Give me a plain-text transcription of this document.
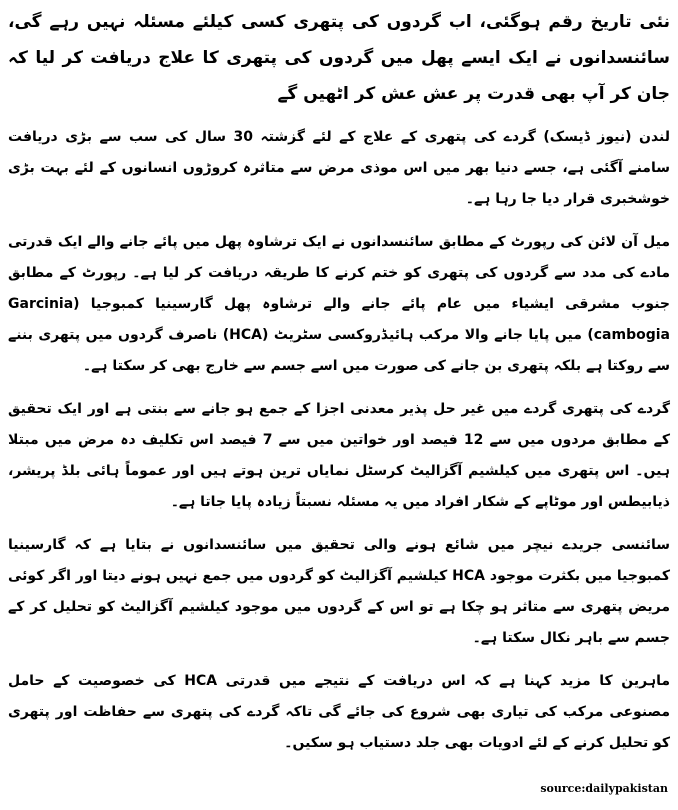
نئی تاریخ رقم ہوگئی، اب گردوں کی پتھری کسی کیلئے مسئلہ نہیں رہے گی، سائنسدانوں نے ایک ایسے پھل میں گردوں کی پتھری کا علاج دریافت کر لیا کہ جان کر آپ بھی قدرت پر عش عش کر اٹھیں گے

لندن (نیوز ڈیسک) گردے کی پتھری کے علاج کے لئے گزشتہ 30 سال کی سب سے بڑی دریافت سامنے آگئی ہے، جسے دنیا بھر میں اس موذی مرض سے متاثرہ کروڑوں انسانوں کے لئے بہت بڑی خوشخبری قرار دیا جا رہا ہے۔

میل آن لائن کی رپورٹ کے مطابق سائنسدانوں نے ایک ترشاوہ پھل میں پائے جانے والے ایک قدرتی مادے کی مدد سے گردوں کی پتھری کو ختم کرنے کا طریقہ دریافت کر لیا ہے۔ رپورٹ کے مطابق جنوب مشرقی ایشیاء میں عام پائے جانے والے ترشاوہ پھل گارسینیا کمبوجیا (Garcinia cambogia) میں پایا جانے والا مرکب ہائیڈروکسی سٹریٹ (HCA) ناصرف گردوں میں پتھری بننے سے روکتا ہے بلکہ پتھری بن جانے کی صورت میں اسے جسم سے خارج بھی کر سکتا ہے۔

گردے کی پتھری گردے میں غیر حل پذیر معدنی اجزا کے جمع ہو جانے سے بنتی ہے اور ایک تحقیق کے مطابق مردوں میں سے 12 فیصد اور خواتین میں سے 7 فیصد اس تکلیف دہ مرض میں مبتلا ہیں۔ اس پتھری میں کیلشیم آگزالیٹ کرسٹل نمایاں ترین ہوتے ہیں اور عموماً ہائی بلڈ پریشر، ذیابیطس اور موٹاپے کے شکار افراد میں یہ مسئلہ نسبتاً زیادہ پایا جاتا ہے۔

سائنسی جریدے نیچر میں شائع ہونے والی تحقیق میں سائنسدانوں نے بتایا ہے کہ گارسینیا کمبوجیا میں بکثرت موجود HCA کیلشیم آگزالیٹ کو گردوں میں جمع نہیں ہونے دیتا اور اگر کوئی مریض پتھری سے متاثر ہو چکا ہے تو اس کے گردوں میں موجود کیلشیم آگزالیٹ کو تحلیل کر کے جسم سے باہر نکال سکتا ہے۔

ماہرین کا مزید کہنا ہے کہ اس دریافت کے نتیجے میں قدرتی HCA کی خصوصیت کے حامل مصنوعی مرکب کی تیاری بھی شروع کی جائے گی تاکہ گردے کی پتھری سے حفاظت اور پتھری کو تحلیل کرنے کے لئے ادویات بھی جلد دستیاب ہو سکیں۔

source:dailypakistan
